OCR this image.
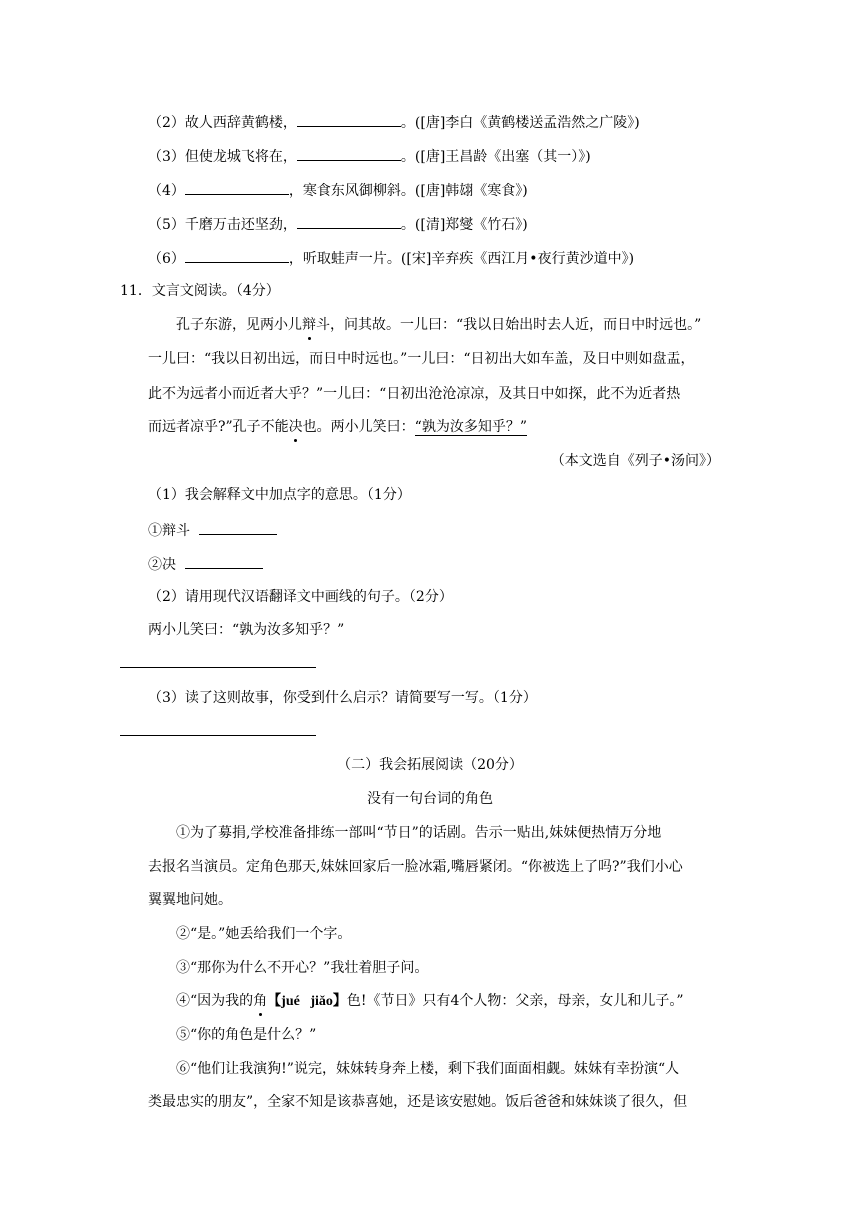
（2）故人西辞黄鹤楼，	。([唐]李白《黄鹤楼送孟浩然之广陵》)
（3）但使龙城飞将在，	。([唐]王昌龄《出塞（其一）》)
（4）	，寒食东风御柳斜。([唐]韩翃《寒食》)
（5）千磨万击还坚劲，	。([清]郑燮《竹石》)
（6）	，听取蛙声一片。([宋]辛弃疾《西江月•夜行黄沙道中》)
11．文言文阅读。（4分）
孔子东游，见两小儿辩斗，问其故。一儿曰：“我以日始出时去人近，而日中时远也。”
一儿曰：“我以日初出远，而日中时远也。”一儿曰：“日初出大如车盖，及日中则如盘盂，
此不为远者小而近者大乎？”一儿曰：“日初出沧沧凉凉，及其日中如探，此不为近者热
而远者凉乎?”孔子不能决也。两小儿笑曰：“孰为汝多知乎？”
（本文选自《列子•汤问》）
（1）我会解释文中加点字的意思。（1分）
①辩斗
②决
（2）请用现代汉语翻译文中画线的句子。（2分）
两小儿笑曰：“孰为汝多知乎？”
（3）读了这则故事，你受到什么启示？请简要写一写。（1分）
（二）我会拓展阅读（20分）
没有一句台词的角色
①为了募捐,学校准备排练一部叫“节日”的话剧。告示一贴出,妹妹便热情万分地
去报名当演员。定角色那天,妹妹回家后一脸冰霜,嘴唇紧闭。“你被选上了吗?”我们小心
翼翼地问她。
②“是。”她丢给我们一个字。
③“那你为什么不开心？”我壮着胆子问。
④“因为我的角【jué   jiǎo】色!《节日》只有4个人物：父亲，母亲，女儿和儿子。”
⑤“你的角色是什么？”
⑥“他们让我演狗!”说完，妹妹转身奔上楼，剩下我们面面相觑。妹妹有幸扮演“人
类最忠实的朋友”，全家不知是该恭喜她，还是该安慰她。饭后爸爸和妹妹谈了很久，但
